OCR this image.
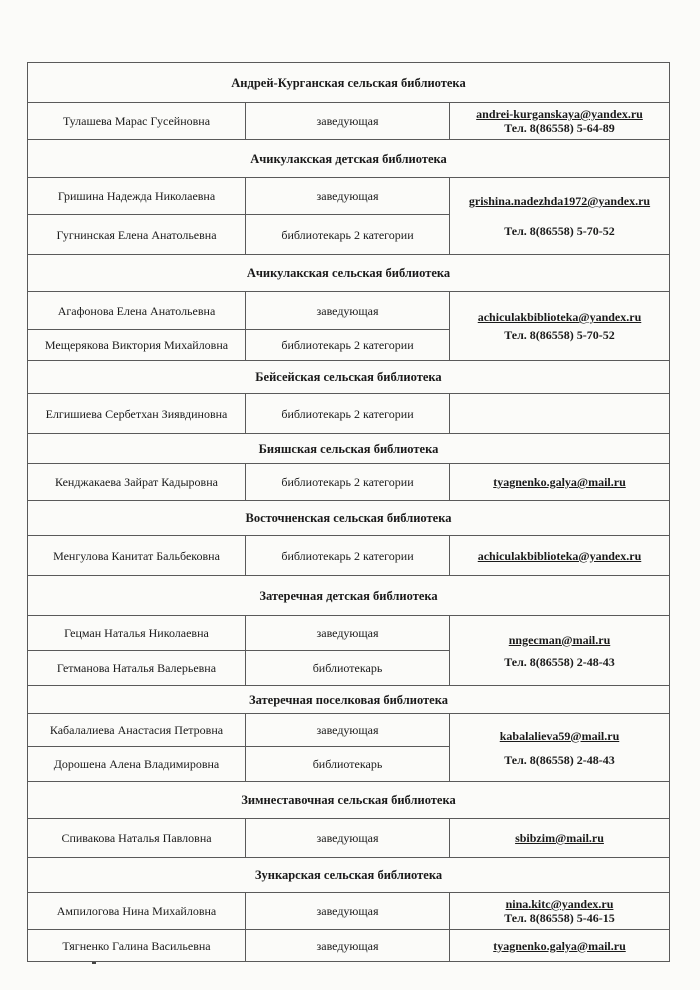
Андрей-Курганская сельская библиотека		
Тулашева Марас Гусейновна	заведующая	andrei-kurganskaya@yandex.ru
Тел. 8(86558) 5-64-89

Ачикулакская детская библиотека		
Гришина Надежда Николаевна	заведующая	grishina.nadezhda1972@yandex.ru
Тел. 8(86558) 5-70-52

Гугнинская Елена Анатольевна	библиотекарь 2 категории	
Ачикулакская сельская библиотека		
Агафонова Елена Анатольевна	заведующая	achiculakbiblioteka@yandex.ru
Тел. 8(86558) 5-70-52

Мещерякова Виктория Михайловна	библиотекарь 2 категории	
Бейсейская сельская библиотека		
Елгишиева Сербетхан Зиявдиновна	библиотекарь 2 категории	
Бияшская сельская библиотека		
Кенджакаева Зайрат Кадыровна	библиотекарь 2 категории	tyagnenko.galya@mail.ru

Восточненская сельская библиотека		
Менгулова Канитат Бальбековна	библиотекарь 2 категории	achiculakbiblioteka@yandex.ru

Затеречная детская библиотека		
Гецман Наталья Николаевна	заведующая	nngecman@mail.ru
Тел. 8(86558) 2-48-43

Гетманова Наталья Валерьевна	библиотекарь	
Затеречная поселковая библиотека		
Кабалалиева Анастасия Петровна	заведующая	kabalalieva59@mail.ru
Тел. 8(86558) 2-48-43

Дорошена Алена Владимировна	библиотекарь	
Зимнеставочная сельская библиотека		
Спивакова Наталья Павловна	заведующая	sbibzim@mail.ru

Зункарская сельская библиотека		
Ампилогова Нина Михайловна	заведующая	nina.kitc@yandex.ru
Тел. 8(86558) 5-46-15

Тягненко Галина Васильевна	заведующая	tyagnenko.galya@mail.ru
